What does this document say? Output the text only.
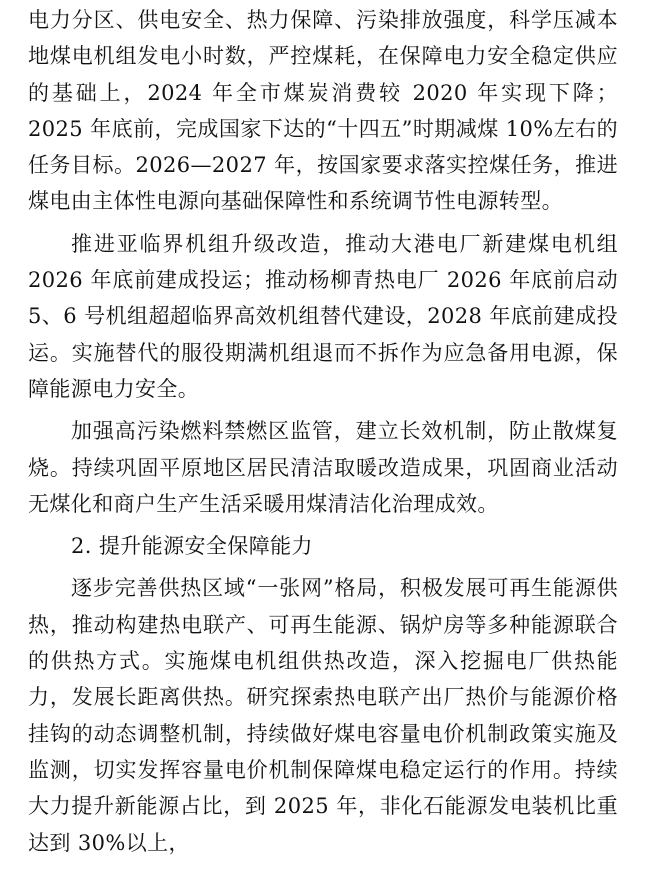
电力分区、供电安全、热力保障、污染排放强度，科学压减本地煤电机组发电小时数，严控煤耗，在保障电力安全稳定供应的基础上，2024 年全市煤炭消费较 2020 年实现下降；2025 年底前，完成国家下达的“十四五”时期减煤 10%左右的任务目标。2026—2027 年，按国家要求落实控煤任务，推进煤电由主体性电源向基础保障性和系统调节性电源转型。

推进亚临界机组升级改造，推动大港电厂新建煤电机组 2026 年底前建成投运；推动杨柳青热电厂 2026 年底前启动 5、6 号机组超超临界高效机组替代建设，2028 年底前建成投运。实施替代的服役期满机组退而不拆作为应急备用电源，保障能源电力安全。

加强高污染燃料禁燃区监管，建立长效机制，防止散煤复烧。持续巩固平原地区居民清洁取暖改造成果，巩固商业活动无煤化和商户生产生活采暖用煤清洁化治理成效。

2. 提升能源安全保障能力

逐步完善供热区域“一张网”格局，积极发展可再生能源供热，推动构建热电联产、可再生能源、锅炉房等多种能源联合的供热方式。实施煤电机组供热改造，深入挖掘电厂供热能力，发展长距离供热。研究探索热电联产出厂热价与能源价格挂钩的动态调整机制，持续做好煤电容量电价机制政策实施及监测，切实发挥容量电价机制保障煤电稳定运行的作用。持续大力提升新能源占比，到 2025 年，非化石能源发电装机比重达到 30%以上，
